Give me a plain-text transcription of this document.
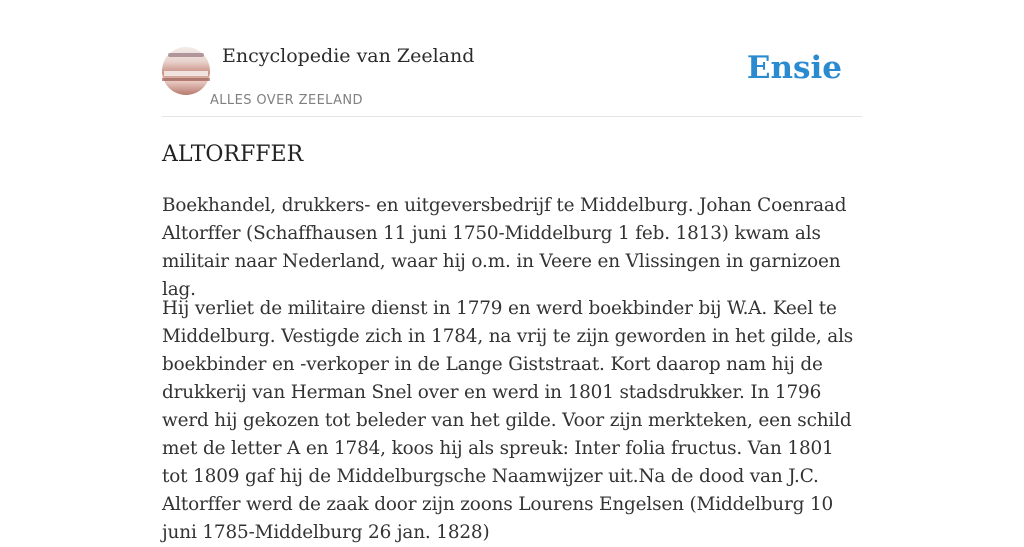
Encyclopedie van Zeeland
ALLES OVER ZEELAND
Ensie
ALTORFFER

Boekhandel, drukkers- en uitgeversbedrijf te Middelburg. Johan Coenraad Altorffer (Schaffhausen 11 juni 1750-Middelburg 1 feb. 1813) kwam als militair naar Nederland, waar hij o.m. in Veere en Vlissingen in garnizoen lag.

Hij verliet de militaire dienst in 1779 en werd boekbinder bij W.A. Keel te Middelburg. Vestigde zich in 1784, na vrij te zijn geworden in het gilde, als boekbinder en -verkoper in de Lange Giststraat. Kort daarop nam hij de drukkerij van Herman Snel over en werd in 1801 stadsdrukker. In 1796 werd hij gekozen tot beleder van het gilde. Voor zijn merkteken, een schild met de letter A en 1784, koos hij als spreuk: Inter folia fructus. Van 1801 tot 1809 gaf hij de Middelburgsche Naamwijzer uit.Na de dood van J.C. Altorffer werd de zaak door zijn zoons Lourens Engelsen (Middelburg 10 juni 1785-Middelburg 26 jan. 1828)
